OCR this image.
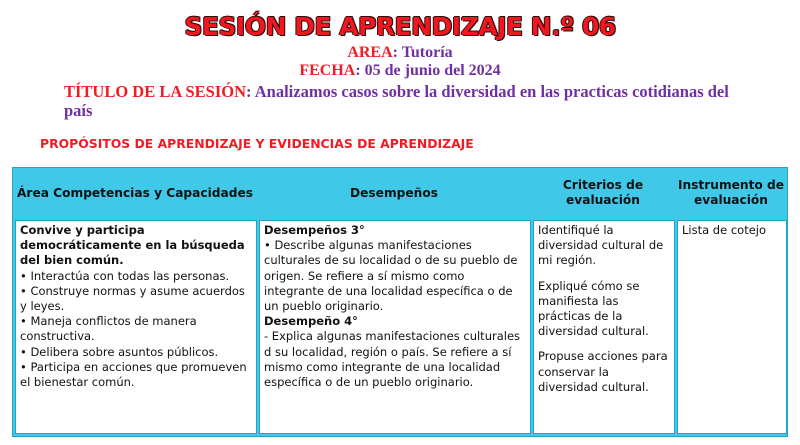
SESIÓN DE APRENDIZAJE N.º 06
AREA: Tutoría
FECHA: 05 de junio del 2024
TÍTULO DE LA SESIÓN: Analizamos casos sobre la diversidad en las practicas cotidianas del país
PROPÓSITOS DE APRENDIZAJE Y EVIDENCIAS DE APRENDIZAJE
Área Competencias y Capacidades	Desempeños
Criterios de evaluación
Instrumento de evaluación

Convive y participa democráticamente en la búsqueda del bien común.

• Interactúa con todas las personas.

• Construye normas y asume acuerdos y leyes.

• Maneja conflictos de manera constructiva.

• Delibera sobre asuntos públicos.

• Participa en acciones que promueven el bienestar común.

Desempeños 3°

• Describe algunas manifestaciones culturales de su localidad o de su pueblo de origen. Se refiere a sí mismo como integrante de una localidad específica o de un pueblo originario.

Desempeño 4°

- Explica algunas manifestaciones culturales d su localidad, región o país. Se refiere a sí mismo como integrante de una localidad específica o de un pueblo originario.

Identifiqué la diversidad cultural de mi región.

Expliqué cómo se manifiesta las prácticas de la diversidad cultural.

Propuse acciones para conservar la diversidad cultural.

Lista de cotejo
